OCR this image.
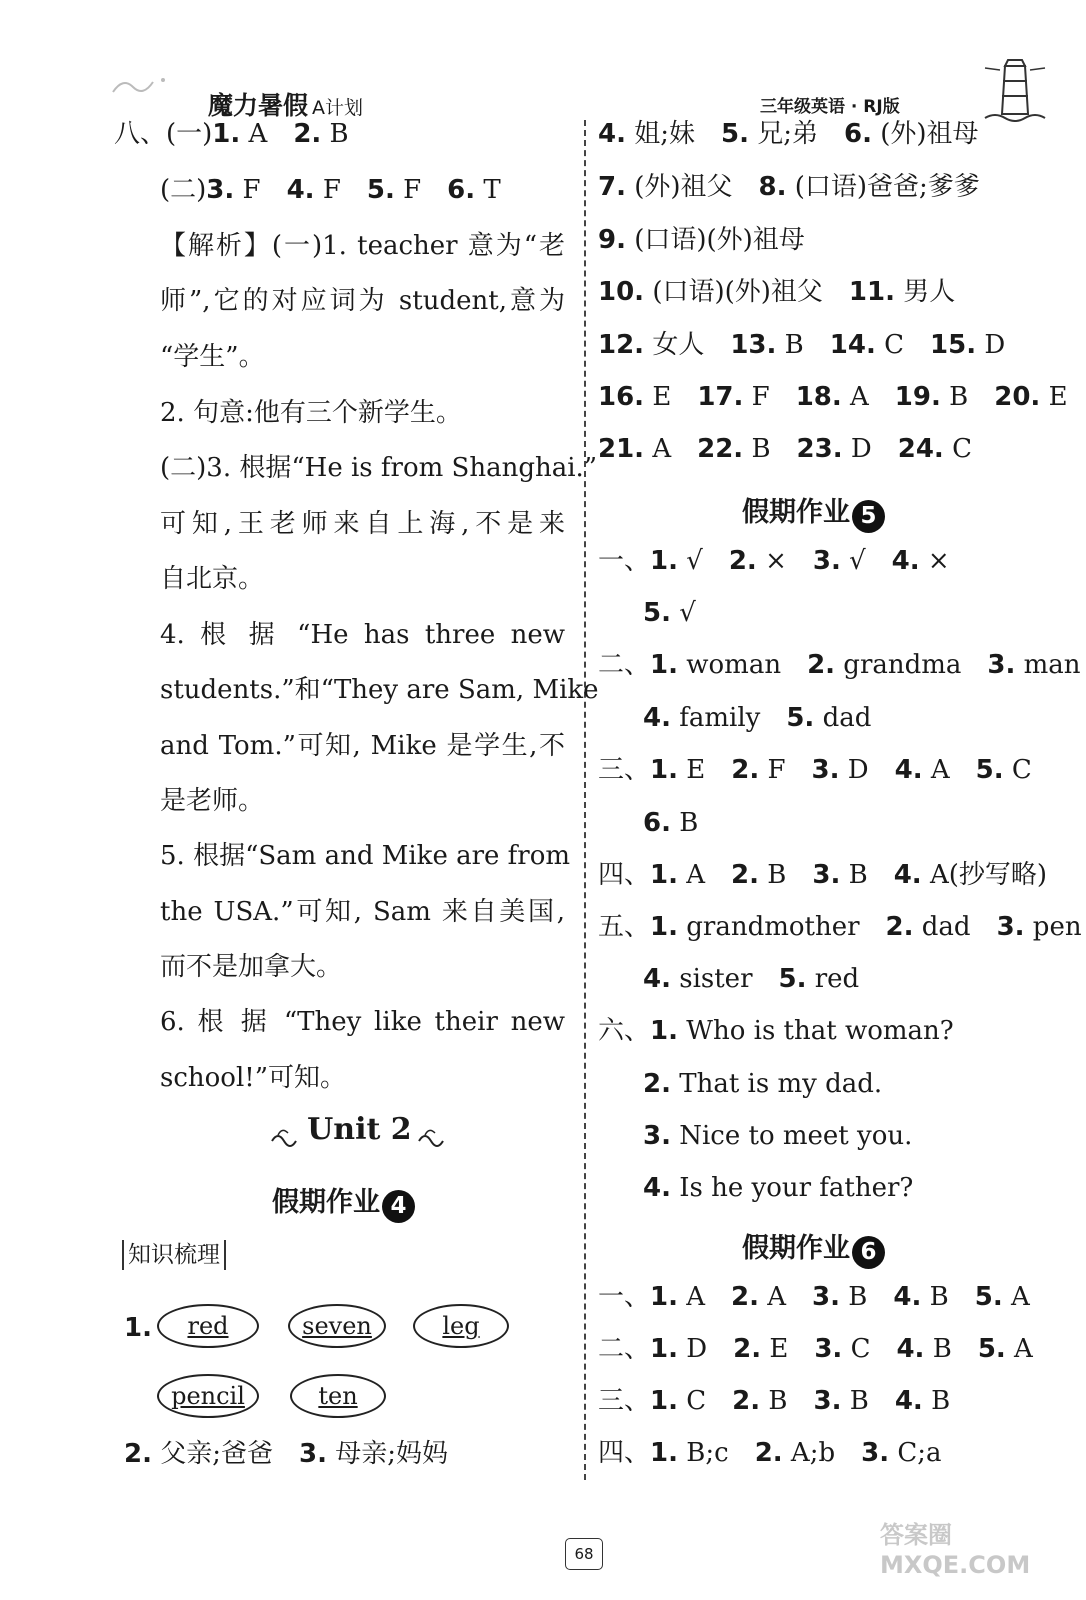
魔力暑假 A计划	三年级英语 · RJ版
八、(一)1. A 2. B
(二)3. F 4. F 5. F 6. T
【解析】(一)1. teacher 意为“老
师”,它的对应词为 student,意为
“学生”。
2. 句意:他有三个新学生。
(二)3. 根据“He is from Shanghai.”
可知,王老师来自上海,不是来
自北京。
4. 根 据 “He has three new
students.”和“They are Sam, Mike
and Tom.”可知, Mike 是学生,不
是老师。
5. 根据“Sam and Mike are from
the USA.”可知, Sam 来自美国,
而不是加拿大。
6. 根 据 “They like their new
school!”可知。
Unit 2
假期作业 4
知识梳理
1.	red	seven	leg
pencil	ten
2. 父亲;爸爸 3. 母亲;妈妈
4. 姐;妹 5. 兄;弟 6. (外)祖母
7. (外)祖父 8. (口语)爸爸;爹爹
9. (口语)(外)祖母
10. (口语)(外)祖父 11. 男人
12. 女人 13. B 14. C 15. D
16. E 17. F 18. A 19. B 20. E
21. A 22. B 23. D 24. C
假期作业 5
一、1. √ 2. × 3. √ 4. ×
5. √
二、1. woman 2. grandma 3. man
4. family 5. dad
三、1. E 2. F 3. D 4. A 5. C
6. B
四、1. A 2. B 3. B 4. A(抄写略)
五、1. grandmother 2. dad 3. pen
4. sister 5. red
六、1. Who is that woman?
2. That is my dad.
3. Nice to meet you.
4. Is he your father?
假期作业 6
一、1. A 2. A 3. B 4. B 5. A
二、1. D 2. E 3. C 4. B 5. A
三、1. C 2. B 3. B 4. B
四、1. B;c 2. A;b 3. C;a
68
答案圈 MXQE.COM
